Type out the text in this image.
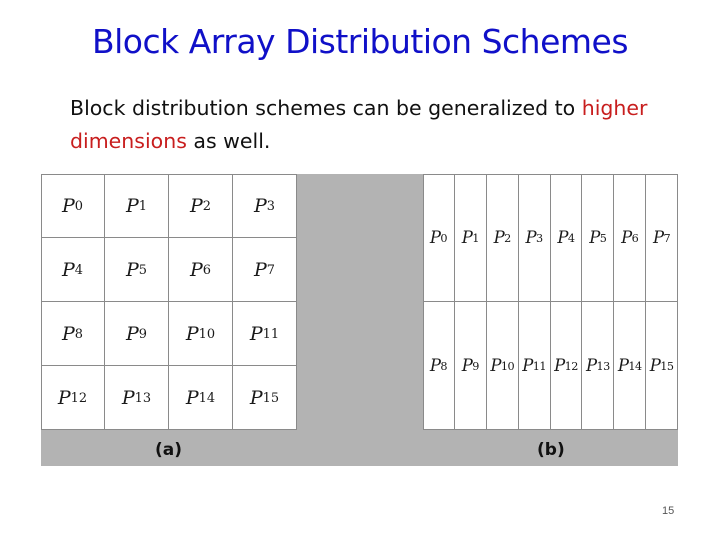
Block Array Distribution Schemes
Block distribution schemes can be generalized to higher dimensions as well.
$P_0$ $P_1$ $P_2$ $P_3$
$P_4$ $P_5$ $P_6$ $P_7$
$P_8$ $P_9$ $P_{10}$ $P_{11}$
$P_{12}$ $P_{13}$ $P_{14}$ $P_{15}$
$P_0$ $P_1$ $P_2$ $P_3$ $P_4$ $P_5$ $P_6$ $P_7$
$P_8$ $P_9$ $P_{10}$ $P_{11}$ $P_{12}$ $P_{13}$ $P_{14}$ $P_{15}$
(a)	(b)
15
